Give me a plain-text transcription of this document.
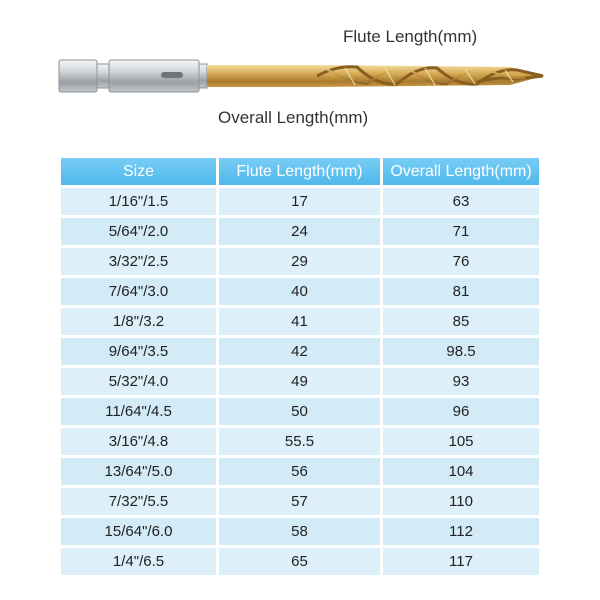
Flute Length(mm)
Overall Length(mm)
Size	Flute Length(mm)	Overall Length(mm)
1/16"/1.5	17	63
5/64"/2.0	24	71
3/32"/2.5	29	76
7/64"/3.0	40	81
1/8"/3.2	41	85
9/64"/3.5	42	98.5
5/32"/4.0	49	93
11/64"/4.5	50	96
3/16"/4.8	55.5	105
13/64"/5.0	56	104
7/32"/5.5	57	110
15/64"/6.0	58	112
1/4"/6.5	65	117
